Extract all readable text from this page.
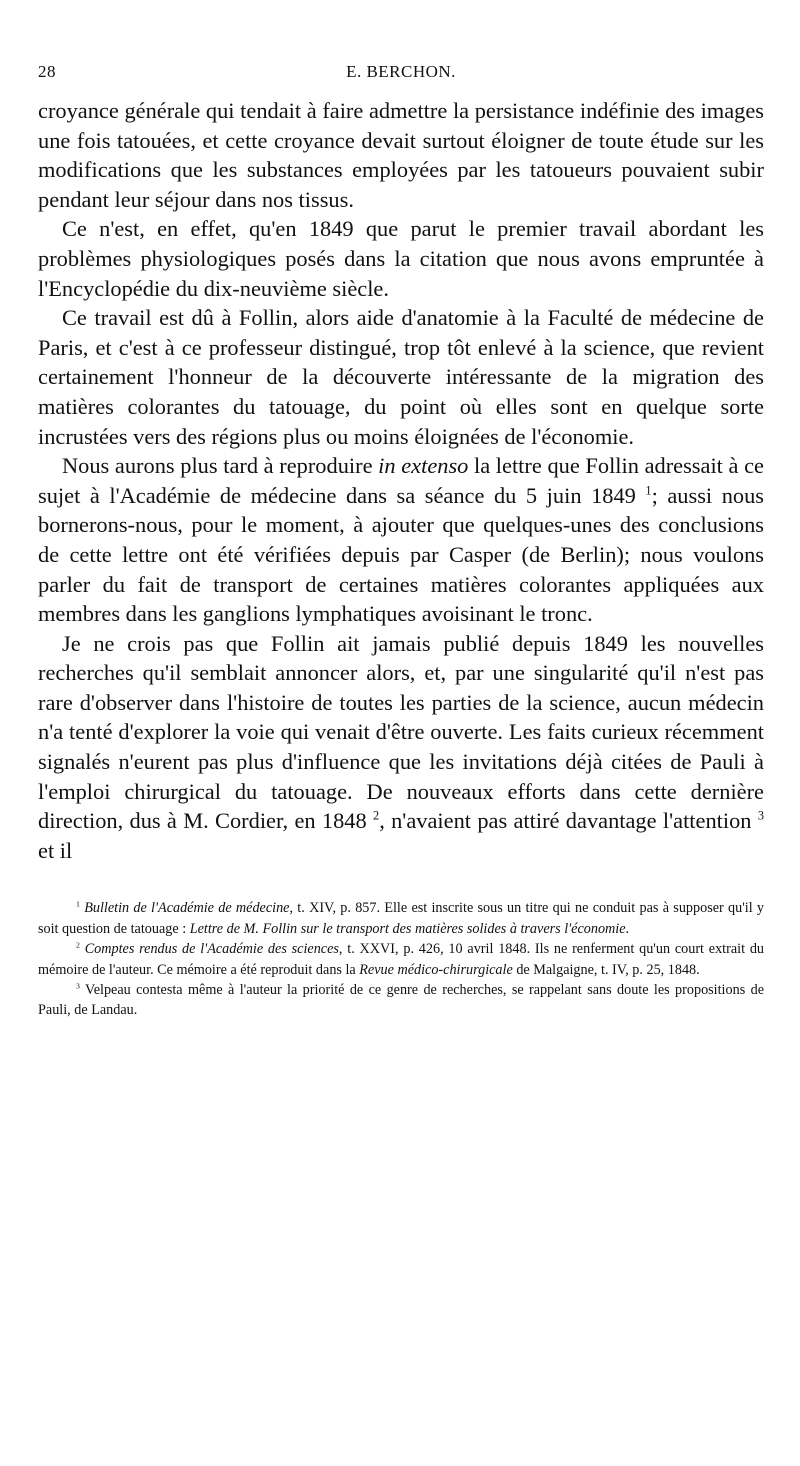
28	E. BERCHON.

croyance générale qui tendait à faire admettre la persistance indéfinie des images une fois tatouées, et cette croyance devait surtout éloigner de toute étude sur les modifications que les substances employées par les tatoueurs pouvaient subir pendant leur séjour dans nos tissus.

Ce n'est, en effet, qu'en 1849 que parut le premier travail abordant les problèmes physiologiques posés dans la citation que nous avons empruntée à l'Encyclopédie du dix-neuvième siècle.

Ce travail est dû à Follin, alors aide d'anatomie à la Faculté de médecine de Paris, et c'est à ce professeur distingué, trop tôt enlevé à la science, que revient certainement l'honneur de la découverte intéressante de la migration des matières colorantes du tatouage, du point où elles sont en quelque sorte incrustées vers des régions plus ou moins éloignées de l'économie.

Nous aurons plus tard à reproduire in extenso la lettre que Follin adressait à ce sujet à l'Académie de médecine dans sa séance du 5 juin 1849 $^1$; aussi nous bornerons-nous, pour le moment, à ajouter que quelques-unes des conclusions de cette lettre ont été vérifiées depuis par Casper (de Berlin); nous voulons parler du fait de transport de certaines matières colorantes appliquées aux membres dans les ganglions lymphatiques avoisinant le tronc.

Je ne crois pas que Follin ait jamais publié depuis 1849 les nouvelles recherches qu'il semblait annoncer alors, et, par une singularité qu'il n'est pas rare d'observer dans l'histoire de toutes les parties de la science, aucun médecin n'a tenté d'explorer la voie qui venait d'être ouverte. Les faits curieux récemment signalés n'eurent pas plus d'influence que les invitations déjà citées de Pauli à l'emploi chirurgical du tatouage. De nouveaux efforts dans cette dernière direction, dus à M. Cordier, en 1848 $^2$, n'avaient pas attiré davantage l'attention $^3$ et il

$^1$ Bulletin de l'Académie de médecine, t. XIV, p. 857. Elle est inscrite sous un titre qui ne conduit pas à supposer qu'il y soit question de tatouage : Lettre de M. Follin sur le transport des matières solides à travers l'économie.

$^2$ Comptes rendus de l'Académie des sciences, t. XXVI, p. 426, 10 avril 1848. Ils ne renferment qu'un court extrait du mémoire de l'auteur. Ce mémoire a été reproduit dans la Revue médico-chirurgicale de Malgaigne, t. IV, p. 25, 1848.

$^3$ Velpeau contesta même à l'auteur la priorité de ce genre de recherches, se rappelant sans doute les propositions de Pauli, de Landau.
